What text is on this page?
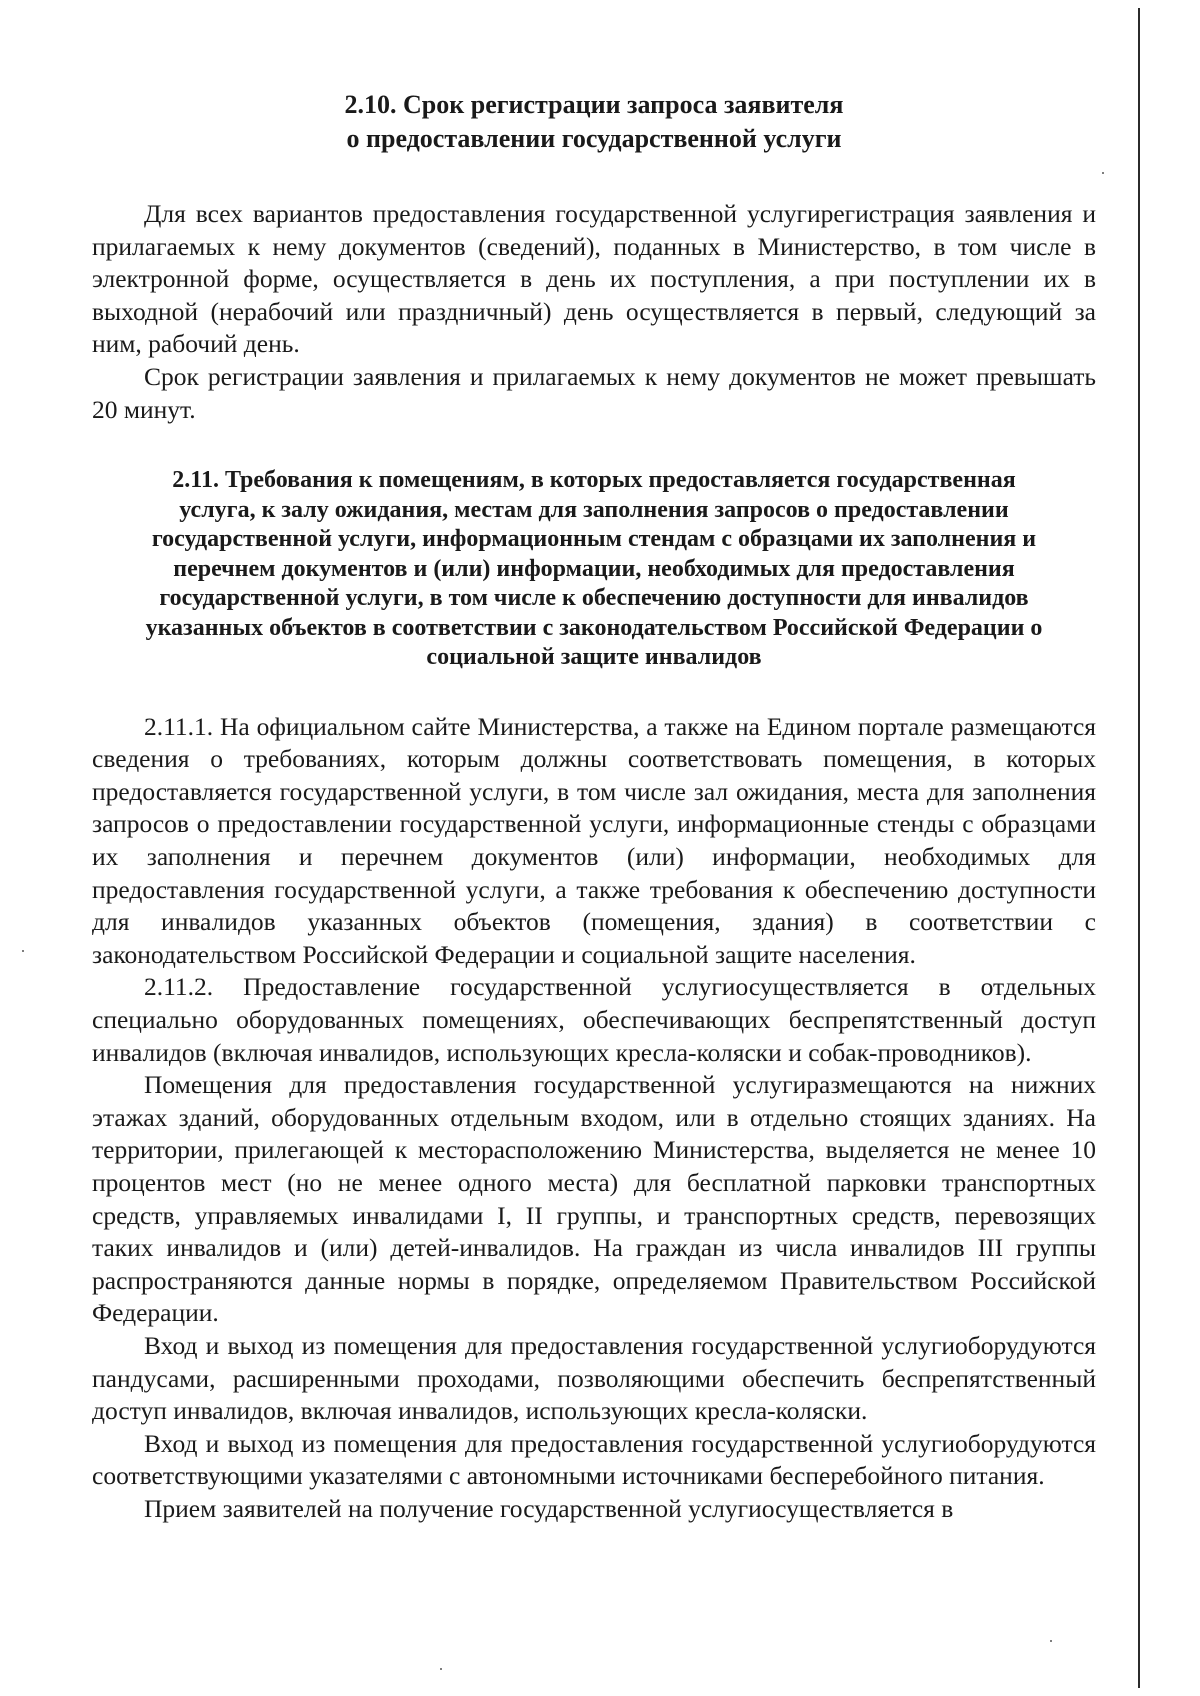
2.10. Срок регистрации запроса заявителя
о предоставлении государственной услуги

Для всех вариантов предоставления государственной услугирегистрация заявления и прилагаемых к нему документов (сведений), поданных в Министерство, в том числе в электронной форме, осуществляется в день их поступления, а при поступлении их в выходной (нерабочий или праздничный) день осуществляется в первый, следующий за ним, рабочий день.

Срок регистрации заявления и прилагаемых к нему документов не может превышать 20 минут.

2.11. Требования к помещениям, в которых предоставляется государственная
услуга, к залу ожидания, местам для заполнения запросов о предоставлении
государственной услуги, информационным стендам с образцами их заполнения и
перечнем документов и (или) информации, необходимых для предоставления
государственной услуги, в том числе к обеспечению доступности для инвалидов
указанных объектов в соответствии с законодательством Российской Федерации о
социальной защите инвалидов

2.11.1. На официальном сайте Министерства, а также на Едином портале размещаются сведения о требованиях, которым должны соответствовать помещения, в которых предоставляется государственной услуги, в том числе зал ожидания, места для заполнения запросов о предоставлении государственной услуги, информационные стенды с образцами их заполнения и перечнем документов (или) информации, необходимых для предоставления государственной услуги, а также требования к обеспечению доступности для инвалидов указанных объектов (помещения, здания) в соответствии с законодательством Российской Федерации и социальной защите населения.

2.11.2. Предоставление государственной услугиосуществляется в отдельных специально оборудованных помещениях, обеспечивающих беспрепятственный доступ инвалидов (включая инвалидов, использующих кресла-коляски и собак-проводников).

Помещения для предоставления государственной услугиразмещаются на нижних этажах зданий, оборудованных отдельным входом, или в отдельно стоящих зданиях. На территории, прилегающей к месторасположению Министерства, выделяется не менее 10 процентов мест (но не менее одного места) для бесплатной парковки транспортных средств, управляемых инвалидами I, II группы, и транспортных средств, перевозящих таких инвалидов и (или) детей-инвалидов. На граждан из числа инвалидов III группы распространяются данные нормы в порядке, определяемом Правительством Российской Федерации.

Вход и выход из помещения для предоставления государственной услугиоборудуются пандусами, расширенными проходами, позволяющими обеспечить беспрепятственный доступ инвалидов, включая инвалидов, использующих кресла-коляски.

Вход и выход из помещения для предоставления государственной услугиоборудуются соответствующими указателями с автономными источниками бесперебойного питания.

Прием заявителей на получение государственной услугиосуществляется в
